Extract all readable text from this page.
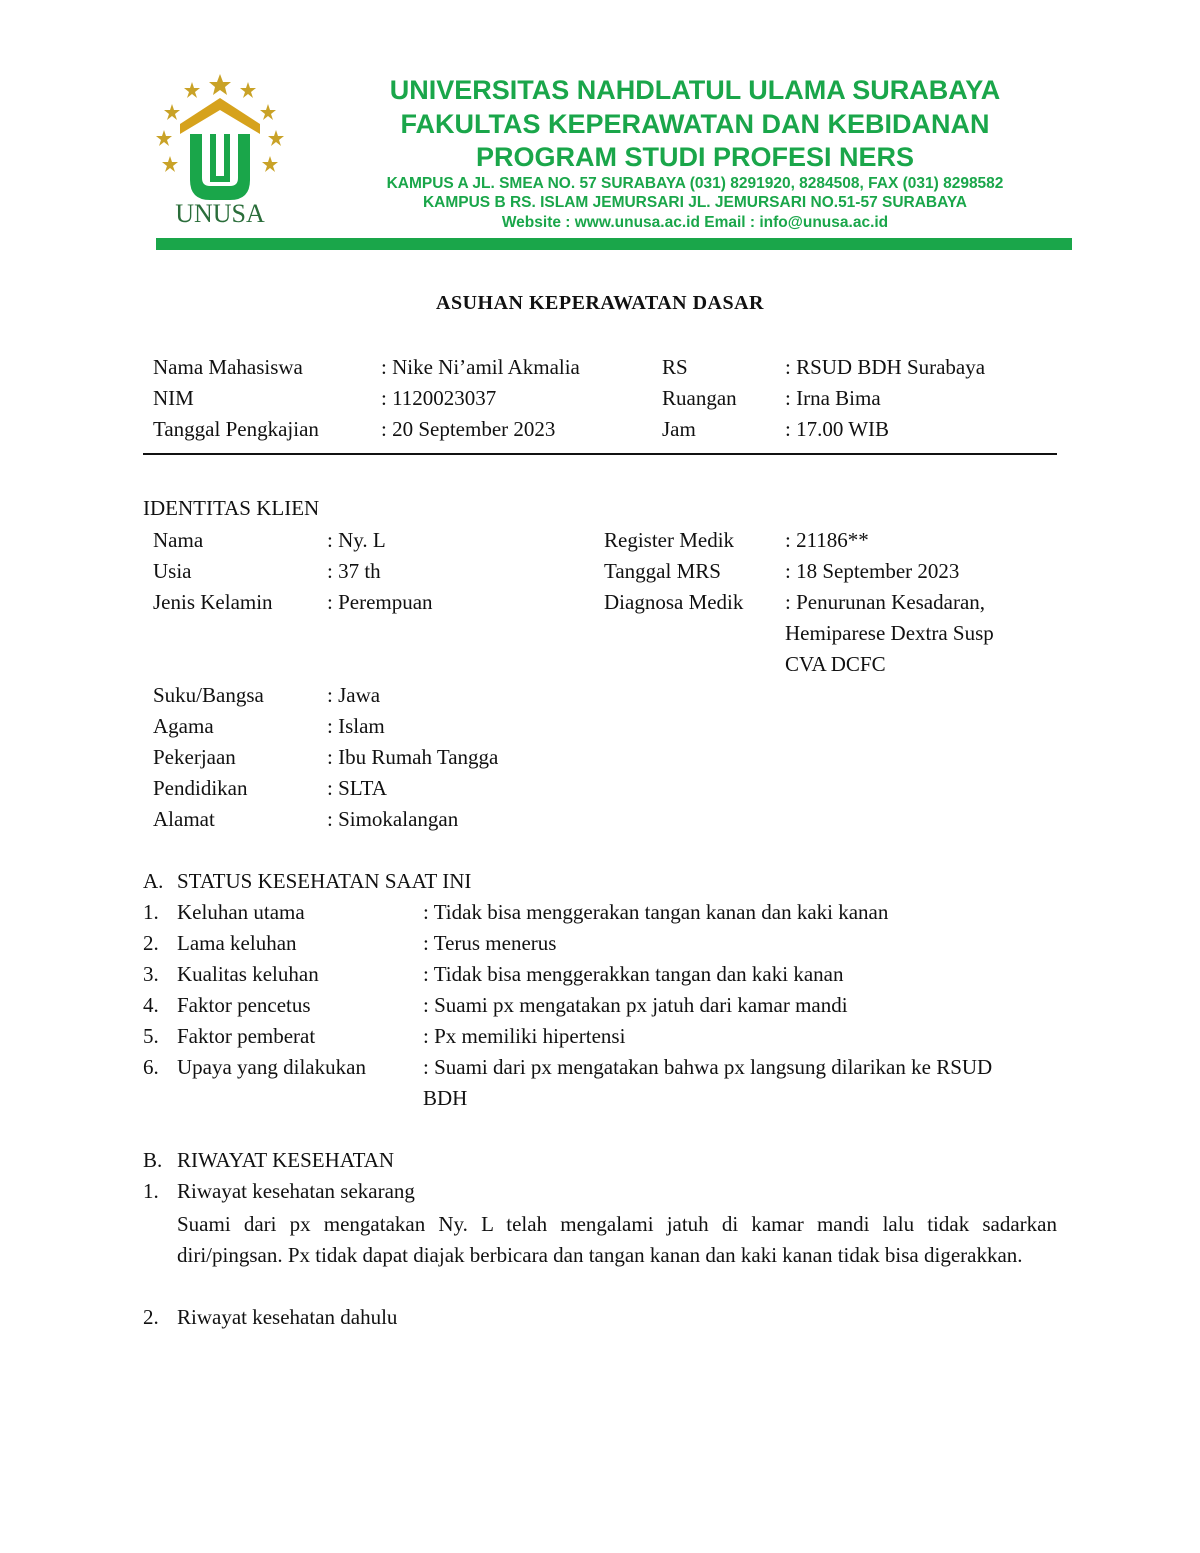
UNUSA
UNIVERSITAS NAHDLATUL ULAMA SURABAYA
FAKULTAS KEPERAWATAN DAN KEBIDANAN
PROGRAM STUDI PROFESI NERS
KAMPUS A JL. SMEA NO. 57 SURABAYA (031) 8291920, 8284508, FAX (031) 8298582
KAMPUS B RS. ISLAM JEMURSARI JL. JEMURSARI NO.51-57 SURABAYA
Website : www.unusa.ac.id Email : info@unusa.ac.id
ASUHAN KEPERAWATAN DASAR
Nama Mahasiswa	: Nike Ni’amil Akmalia	RS	: RSUD BDH Surabaya
NIM	: 1120023037	Ruangan : Irna Bima
Tanggal Pengkajian	: 20 September 2023	Jam	: 17.00 WIB
IDENTITAS KLIEN
Nama	: Ny. L	Register Medik : 21186**
Usia	: 37 th	Tanggal MRS	: 18 September 2023
Jenis Kelamin	: Perempuan	Diagnosa Medik : Penurunan Kesadaran,
Hemiparese Dextra Susp
CVA DCFC
Suku/Bangsa	: Jawa
Agama	: Islam
Pekerjaan	: Ibu Rumah Tangga
Pendidikan	: SLTA
Alamat	: Simokalangan
A. STATUS KESEHATAN SAAT INI
1. Keluhan utama	: Tidak bisa menggerakan tangan kanan dan kaki kanan
2. Lama keluhan	: Terus menerus
3. Kualitas keluhan	: Tidak bisa menggerakkan tangan dan kaki kanan
4. Faktor pencetus	: Suami px mengatakan px jatuh dari kamar mandi
5. Faktor pemberat	: Px memiliki hipertensi
6. Upaya yang dilakukan	: Suami dari px mengatakan bahwa px langsung dilarikan ke RSUD
BDH
B. RIWAYAT KESEHATAN
1. Riwayat kesehatan sekarang
Suami dari px mengatakan Ny. L telah mengalami jatuh di kamar mandi lalu tidak sadarkan diri/pingsan. Px tidak dapat diajak berbicara dan tangan kanan dan kaki kanan tidak bisa digerakkan.
2. Riwayat kesehatan dahulu
